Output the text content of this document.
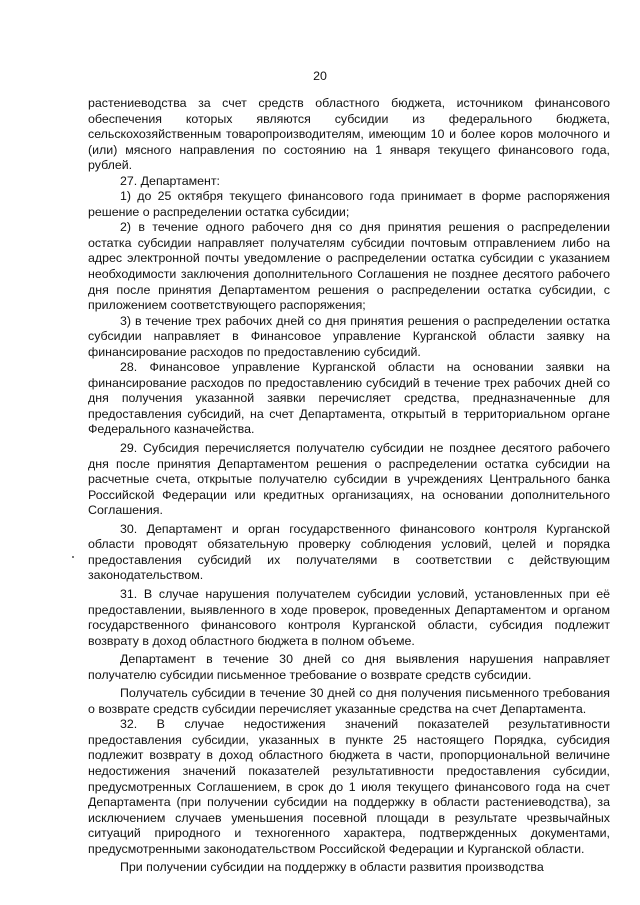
20

растениеводства за счет средств областного бюджета, источником финансового обеспечения которых являются субсидии из федерального бюджета, сельскохозяйственным товаропроизводителям, имеющим 10 и более коров молочного и (или) мясного направления по состоянию на 1 января текущего финансового года, рублей.

27. Департамент:

1) до 25 октября текущего финансового года принимает в форме распоряжения решение о распределении остатка субсидии;

2) в течение одного рабочего дня со дня принятия решения о распределении остатка субсидии направляет получателям субсидии почтовым отправлением либо на адрес электронной почты уведомление о распределении остатка субсидии с указанием необходимости заключения дополнительного Соглашения не позднее десятого рабочего дня после принятия Департаментом решения о распределении остатка субсидии, с приложением соответствующего распоряжения;

3) в течение трех рабочих дней со дня принятия решения о распределении остатка субсидии направляет в Финансовое управление Курганской области заявку на финансирование расходов по предоставлению субсидий.

28. Финансовое управление Курганской области на основании заявки на финансирование расходов по предоставлению субсидий в течение трех рабочих дней со дня получения указанной заявки перечисляет средства, предназначенные для предоставления субсидий, на счет Департамента, открытый в территориальном органе Федерального казначейства.

29. Субсидия перечисляется получателю субсидии не позднее десятого рабочего дня после принятия Департаментом решения о распределении остатка субсидии на расчетные счета, открытые получателю субсидии в учреждениях Центрального банка Российской Федерации или кредитных организациях, на основании дополнительного Соглашения.

30. Департамент и орган государственного финансового контроля Курганской области проводят обязательную проверку соблюдения условий, целей и порядка предоставления субсидий их получателями в соответствии с действующим законодательством.

31. В случае нарушения получателем субсидии условий, установленных при её предоставлении, выявленного в ходе проверок, проведенных Департаментом и органом государственного финансового контроля Курганской области, субсидия подлежит возврату в доход областного бюджета в полном объеме.

Департамент в течение 30 дней со дня выявления нарушения направляет получателю субсидии письменное требование о возврате средств субсидии.

Получатель субсидии в течение 30 дней со дня получения письменного требования о возврате средств субсидии перечисляет указанные средства на счет Департамента.

32. В случае недостижения значений показателей результативности предоставления субсидии, указанных в пункте 25 настоящего Порядка, субсидия подлежит возврату в доход областного бюджета в части, пропорциональной величине недостижения значений показателей результативности предоставления субсидии, предусмотренных Соглашением, в срок до 1 июля текущего финансового года на счет Департамента (при получении субсидии на поддержку в области растениеводства), за исключением случаев уменьшения посевной площади в результате чрезвычайных ситуаций природного и техногенного характера, подтвержденных документами, предусмотренными законодательством Российской Федерации и Курганской области.

При получении субсидии на поддержку в области развития производства
